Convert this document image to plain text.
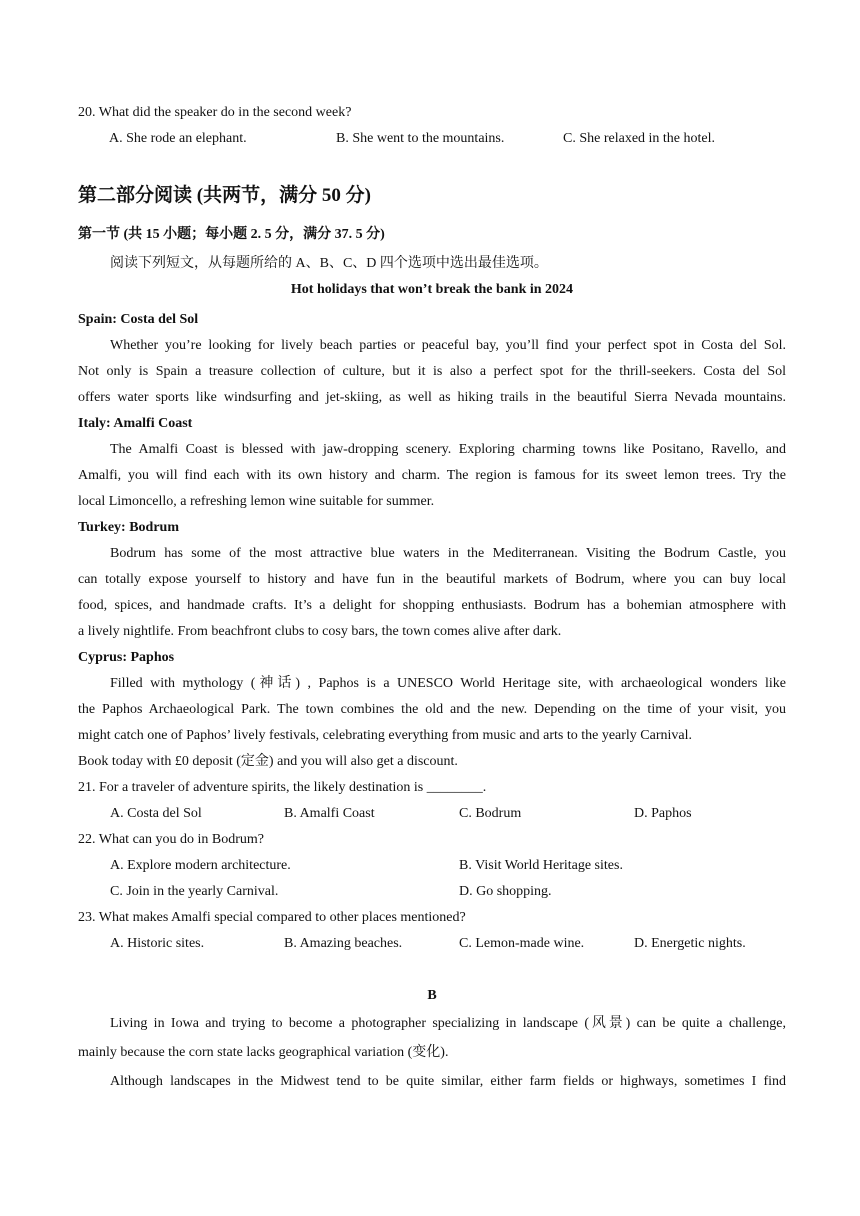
20. What did the speaker do in the second week?
A. She rode an elephant.	B. She went to the mountains.	C. She relaxed in the hotel.
第二部分阅读 (共两节，满分 50 分)
第一节 (共 15 小题；每小题 2. 5 分，满分 37. 5 分)
阅读下列短文，从每题所给的 A、B、C、D 四个选项中选出最佳选项。
Hot holidays that won’t break the bank in 2024
Spain: Costa del Sol
Whether you’re looking for lively beach parties or peaceful bay, you’ll find your perfect spot in Costa del Sol.
Not only is Spain a treasure collection of culture, but it is also a perfect spot for the thrill-seekers. Costa del Sol
offers water sports like windsurfing and jet-skiing, as well as hiking trails in the beautiful Sierra Nevada mountains.
Italy: Amalfi Coast
The Amalfi Coast is blessed with jaw-dropping scenery. Exploring charming towns like Positano, Ravello, and
Amalfi, you will find each with its own history and charm. The region is famous for its sweet lemon trees. Try the
local Limoncello, a refreshing lemon wine suitable for summer.
Turkey: Bodrum
Bodrum has some of the most attractive blue waters in the Mediterranean. Visiting the Bodrum Castle, you
can totally expose yourself to history and have fun in the beautiful markets of Bodrum, where you can buy local
food, spices, and handmade crafts. It’s a delight for shopping enthusiasts. Bodrum has a bohemian atmosphere with
a lively nightlife. From beachfront clubs to cosy bars, the town comes alive after dark.
Cyprus: Paphos
Filled with mythology (神话) , Paphos is a UNESCO World Heritage site, with archaeological wonders like
the Paphos Archaeological Park. The town combines the old and the new. Depending on the time of your visit, you
might catch one of Paphos’ lively festivals, celebrating everything from music and arts to the yearly Carnival.
Book today with £0 deposit (定金) and you will also get a discount.
21. For a traveler of adventure spirits, the likely destination is ________.
A. Costa del Sol	B. Amalfi Coast	C. Bodrum	D. Paphos
22. What can you do in Bodrum?
A. Explore modern architecture.	B. Visit World Heritage sites.
C. Join in the yearly Carnival.	D. Go shopping.
23. What makes Amalfi special compared to other places mentioned?
A. Historic sites.	B. Amazing beaches.	C. Lemon-made wine.	D. Energetic nights.
B
Living in Iowa and trying to become a photographer specializing in landscape (风景) can be quite a challenge,
mainly because the corn state lacks geographical variation (变化).
Although landscapes in the Midwest tend to be quite similar, either farm fields or highways, sometimes I find
